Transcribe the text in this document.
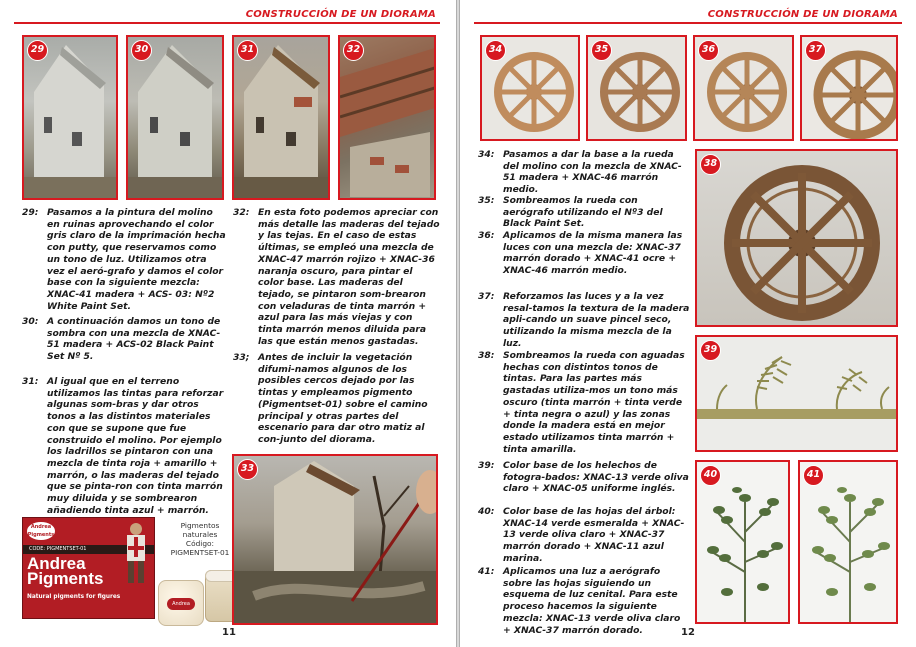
CONSTRUCCIÓN DE UN DIORAMA
29	30	31	32
29: Pasamos a la pintura del molino en ruinas aprovechando el color gris claro de la imprimación hecha con putty, que reservamos como un tono de luz. Utilizamos otra vez el aeró-grafo y damos el color base con la siguiente mezcla: XNAC-41 madera + ACS- 03: Nº2 White Paint Set.
30: A continuación damos un tono de sombra con una mezcla de XNAC-51 madera + ACS-02 Black Paint Set Nº 5.
31: Al igual que en el terreno utilizamos las tintas para reforzar algunas som-bras y dar otros tonos a las distintos materiales con que se supone que fue construido el molino. Por ejemplo los ladrillos se pintaron con una mezcla de tinta roja + amarillo + marrón, o las maderas del tejado que se pinta-ron con tinta marrón muy diluida y se sombrearon añadiendo tinta azul + marrón.
32: En esta foto podemos apreciar con más detalle las maderas del tejado y las tejas. En el caso de estas últimas, se empleó una mezcla de XNAC-47 marrón rojizo + XNAC-36 naranja oscuro, para pintar el color base. Las maderas del tejado, se pintaron som-brearon con veladuras de tinta marrón + azul para las más viejas y con tinta marrón menos diluida para las que están menos gastadas.
33; Antes de incluir la vegetación difumi-namos algunos de los posibles cercos dejado por las tintas y empleamos pigmento (Pigmentset-01) sobre el camino principal y otras partes del escenario para dar otro matiz al con-junto del diorama.
Andrea
Pigments
CODE: PIGMENTSET-01
Andrea
Pigments
Natural pigments for figures
Andrea
Pigmentos
naturales
Código:
PIGMENTSET-01
33
11
CONSTRUCCIÓN DE UN DIORAMA
34	35	36	37
38
39
40	41
34: Pasamos a dar la base a la rueda del molino con la mezcla de XNAC-51 madera + XNAC-46 marrón medio.
35: Sombreamos la rueda con aerógrafo utilizando el Nº3 del Black Paint Set.
36: Aplicamos de la misma manera las luces con una mezcla de: XNAC-37 marrón dorado + XNAC-41 ocre + XNAC-46 marrón medio.
37: Reforzamos las luces y a la vez resal-tamos la textura de la madera apli-cando un suave pincel seco, utilizando la misma mezcla de la luz.
38: Sombreamos la rueda con aguadas hechas con distintos tonos de tintas. Para las partes más gastadas utiliza-mos un tono más oscuro (tinta marrón + tinta verde + tinta negra o azul) y las zonas donde la madera está en mejor estado utilizamos tinta marrón + tinta amarilla.
39: Color base de los helechos de fotogra-bados: XNAC-13 verde oliva claro + XNAC-05 uniforme inglés.
40: Color base de las hojas del árbol: XNAC-14 verde esmeralda + XNAC-13 verde oliva claro + XNAC-37 marrón dorado + XNAC-11 azul marina.
41: Aplicamos una luz a aerógrafo sobre las hojas siguiendo un esquema de luz cenital. Para este proceso hacemos la siguiente mezcla: XNAC-13 verde oliva claro + XNAC-37 marrón dorado.	12
